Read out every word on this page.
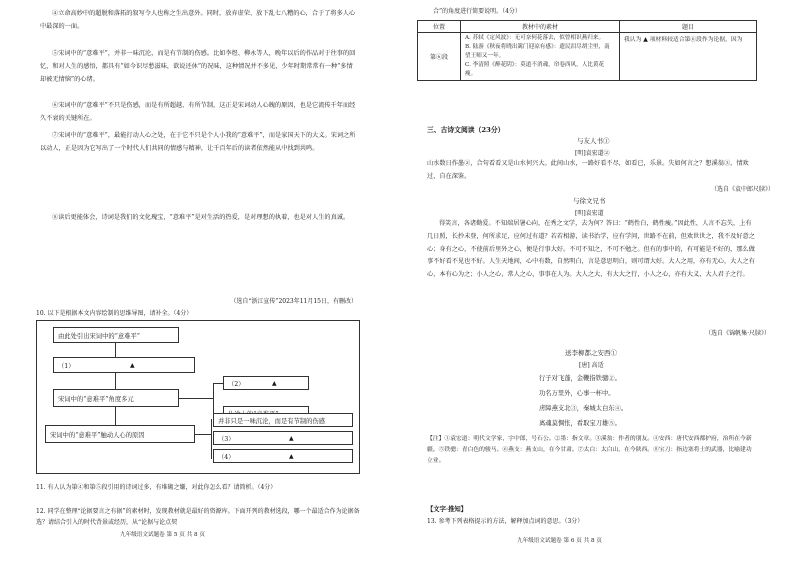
④立命高妙中的超脱和落拓的叙写令人也称之生出意外。同时，放弃虚荣、放下乱七八糟的心，合于了将多人心中最深的一面。
⑤宋词中的“意难平”，并非一味沉沦，而是有节制的伤感。比如李煜、柳永等人，晚年以后的作品对于往事的回忆，和对人生的感悟，都具有“如今识尽愁滋味，欲说还休”的况味，这种情况并不多见，少年时期常常有一种“多情却被无情恼”的心绪。
⑥宋词中的“意难平”不只是伤感，而是有所超越、有所节制，这正是宋词动人心魄的原因，也是它流传千年而经久不衰的关键所在。
⑦宋词中的“意难平”，最能打动人心之处，在于它不只是个人小我的“意难平”，而是家国天下的大义。宋词之所以动人，正是因为它写出了一个时代人们共同的情感与精神，让千百年后的读者依然能从中找到共鸣。
⑧读后更能体会，诗词是我们的文化瑰宝，“意难平”是对生活的热爱，是对理想的执着，也是对人生的真诚。
（选自“浙江宣传”2023年11月15日，有删改）
10. 以下是根据本文内容绘制的思维导图，请补全。（4分）
由此处引出宋词中的“意难平”
（1）	▲
宋词中的“意难平”角度多元
（2）	▲
宋词中的“意难平”触动人心的原因
并非只是一味沉沦，而是有节制的伤感
（3）	▲
（4）	▲
11. 有人认为第④和第⑤段引用的诗词过多，有堆砌之嫌，对此你怎么看？请简析。（4分）
12. 同学在整理“论据要言之有据”的素材时，发现教材就是最好的资源库。下面开列的教材选段，哪一个最适合作为论据备选？请结合引入的时代背景或经历，从“论据与论点契
九年级语文试题卷 第 5 页 共 8 页
合”的角度进行简要说明。（4分）
位置	教材中的素材	题目
第⑥段	A. 苏轼《定风波》：无可奈何花落去，似曾相识燕归来。
B. 陆游《秋夜将晓出篱门迎凉有感》：遗民泪尽胡尘里，南望王师又一年。
C. 李清照《醉花阴》：莫道不消魂，帘卷西风，人比黄花瘦。	我认为 ▲ 项材料较适合第⑥段作为论据，因为
三、古诗文阅读（23分）
与友人书①
[明]袁宏道②
山水数日作墨②，合句看看又是山水何兴大。此间山水，一路好看不尽，如看已，乐景。失如何言之？想溪翁③，情欢过，自在深鉴。
（选自《袁中郎尺牍》）
与徐文兄书
[明]袁宏道
得笑言，各诸勤爱。不知端居暑心向，在秀之文学，去为何？答曰：“鹤性白，鹤性瘦。”因此性，人言不忘失，上有几日照，长抄未登，何所求足，应何过有道？若若相游，读书治学，应有学问，世路不在前，但欢世世之，我不及好意之心；身有之心，不使前后里外之心，便是行事大好。不可不知之，不可不勉之。但有的事中的，有可能是不好的，那么做事不好看不见也不好。人生天地间，心中有数，自然明白，言是意思明白，则可谓大好。大人之用，亦有无心，大人之有心，本有心为之；小人之心，常人之心，事事在人为。大人之大，有大大之行，小人之心，亦有大义，大人君子之行。
（选自《锦帆集·尺牍》）
送李柳都之安西①
[唐] 高适
行子对飞蓬，金鞭指铁骢②。
功名万里外，心事一杯中。
虏障燕支北③，秦城太白东④。
离魂莫惆怅，看取宝刀雄⑤。
【注】①袁宏道：明代文学家，字中郎，号石公。②墨：指文章。③溪翁：作者的朋友。④安西：唐代安西都护府，治所在今新疆。⑤铁骢：青白色的骏马。⑥燕支：燕支山，在今甘肃。⑦太白：太白山，在今陕西。⑧宝刀：指边塞将士的武器，比喻建功立业。
【文字·推知】
13. 参考下列表格提示的方法，解释加点词的意思。（3分）
九年级语文试题卷 第 6 页 共 8 页
